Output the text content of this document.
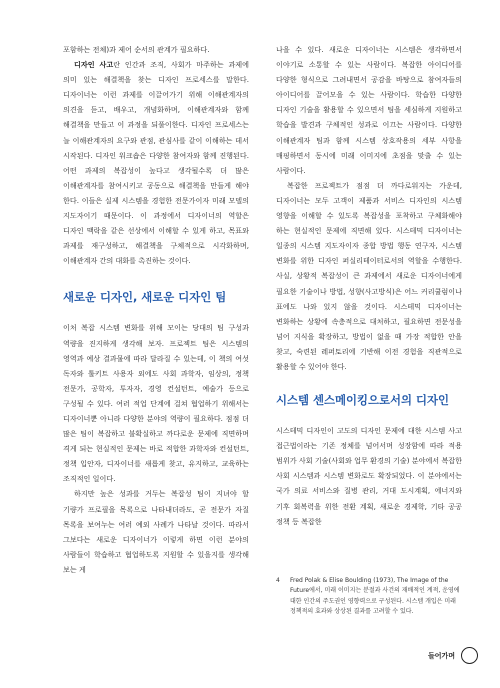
포함하는 전체)과 제어 순서의 관계가 필요하다.

디자인 사고란 인간과 조직, 사회가 마주하는 과제에 의미 있는 해결책을 찾는 디자인 프로세스를 말한다. 디자이너는 이런 과제를 이끌어가기 위해 이해관계자의 의견을 듣고, 배우고, 개념화하며, 이해관계자와 함께 해결책을 만들고 이 과정을 되풀이한다. 디자인 프로세스는 늘 이해관계자의 요구와 관점, 관심사를 같이 이해하는 데서 시작된다. 디자인 워크숍은 다양한 참여자와 함께 진행된다. 어떤 과제의 복잡성이 높다고 생각될수록 더 많은 이해관계자를 참여시키고 공동으로 해결책을 만들게 해야 한다. 이들은 실제 시스템을 경험한 전문가이자 미래 모델의 지도자이기 때문이다. 이 과정에서 디자이너의 역할은 디자인 맥락을 같은 선상에서 이해할 수 있게 하고, 목표와 과제를 재구성하고, 해결책을 구체적으로 시각화하며, 이해관계자 간의 대화를 촉진하는 것이다.

새로운 디자인, 새로운 디자인 팀

이처 복잡 시스템 변화를 위해 모이는 당대의 팀 구성과 역량을 진지하게 생각해 보자. 프로젝트 팀은 시스템의 영역과 예상 결과물에 따라 달라질 수 있는데, 이 책의 여섯 독자와 툴키트 사용자 외에도 사회 과학자, 임상의, 정책 전문가, 공학자, 투자자, 경영 컨설턴트, 예술가 등으로 구성될 수 있다. 여러 적업 단계에 걸쳐 협업하기 위해서는 디자이너뿐 아니라 다양한 분야의 역량이 필요하다. 점점 더 많은 팀이 복잡하고 불확실하고 까다로운 문제에 직면하며 격게 되는 현실적인 문제는 바로 적합한 과학자와 컨설턴트, 정책 입안자, 디자이너를 새롭게 찾고, 유지하고, 교육하는 조직적인 일이다.

하지만 높은 성과를 거두는 복잡성 팀이 지녀야 할 기량가 프로필을 목록으로 나타내더라도, 곧 전문가 자질 목록을 보여누는 여러 예외 사례가 나타날 것이다. 따라서 그보다는 새로운 디자이너가 이렇게 하면 이런 분야의 사람들이 학습하고 협업하도록 지원할 수 있을지를 생각해 보는 게

나을 수 있다. 새로운 디자이너는 시스템은 생각하면서 이야기로 소통할 수 있는 사람이다. 복잡한 아이디어를 다양한 형식으로 그려내면서 공감을 바탕으로 참여자들의 아이디어를 끌어모을 수 있는 사람이다. 학습한 다양한 디자인 기술을 활용할 수 있으면서 팀을 세심하게 지원하고 학습을 발견과 구체적인 성과로 이끄는 사람이다. 다양한 이해관계자 팀과 함께 시스템 상호작용의 세부 사항을 매핑하면서 동시에 미래 이미지에 초점을 맞출 수 있는 사람이다.

복잡한 프로젝트가 점점 더 까다로워지는 가운데, 디자이너는 모두 고객이 제품과 서비스 디자인의 시스템 영향을 이해할 수 있도록 복잡성을 포착하고 구체화해야 하는 현실적인 문제에 직면해 있다. 시스테믹 디자이너는 일종의 시스템 지도자이자 종합 방법 행동 연구자, 시스템 변화를 위한 디자인 퍼실리테이터로서의 역할을 수행한다. 사실, 상황적 복잡성이 큰 과제에서 새로운 디자이너에게 필요한 기술이나 방법, 성향(사고방식)은 어느 커리큘럼이나 표에도 나와 있지 않을 것이다. 시스테믹 디자이너는 변화하는 상황에 속층적으로 대처하고, 필요하면 전문성을 넘어 지식을 확장하고, 방법이 없을 때 가장 적합한 안을 찾고, 숙련된 레퍼토리에 기반해 이전 경험을 직관적으로 활용할 수 있어야 한다.

시스템 센스메이킹으로서의 디자인

시스테믹 디자인이 고도의 디자인 문제에 대한 시스템 사고 접근법이라는 기존 정체를 넘어서며 성장함에 따라 적용 범위가 사회 기술(사회와 업무 환경의 기술) 분야에서 복잡한 사회 시스템과 시스템 변화로도 확장되었다. 이 분야에서는 국가 의료 서비스와 질병 관리, 거대 도시계획, 에너지와 기후 회복력을 위한 전환 계획, 새로운 경제학, 기타 공공 정책 등 복잡한

4	Fred Polak & Elise Boulding (1973), The Image of the Future에서, 미래 이미지는 분절과 사건의 재배적인 계적, 운영에 대한 인간의 주도권인 영향력으로 구성된다. 시스템 개입은 미래 정책적의 효과와 상상된 결과를 고려할 수 있다.
들어가며
